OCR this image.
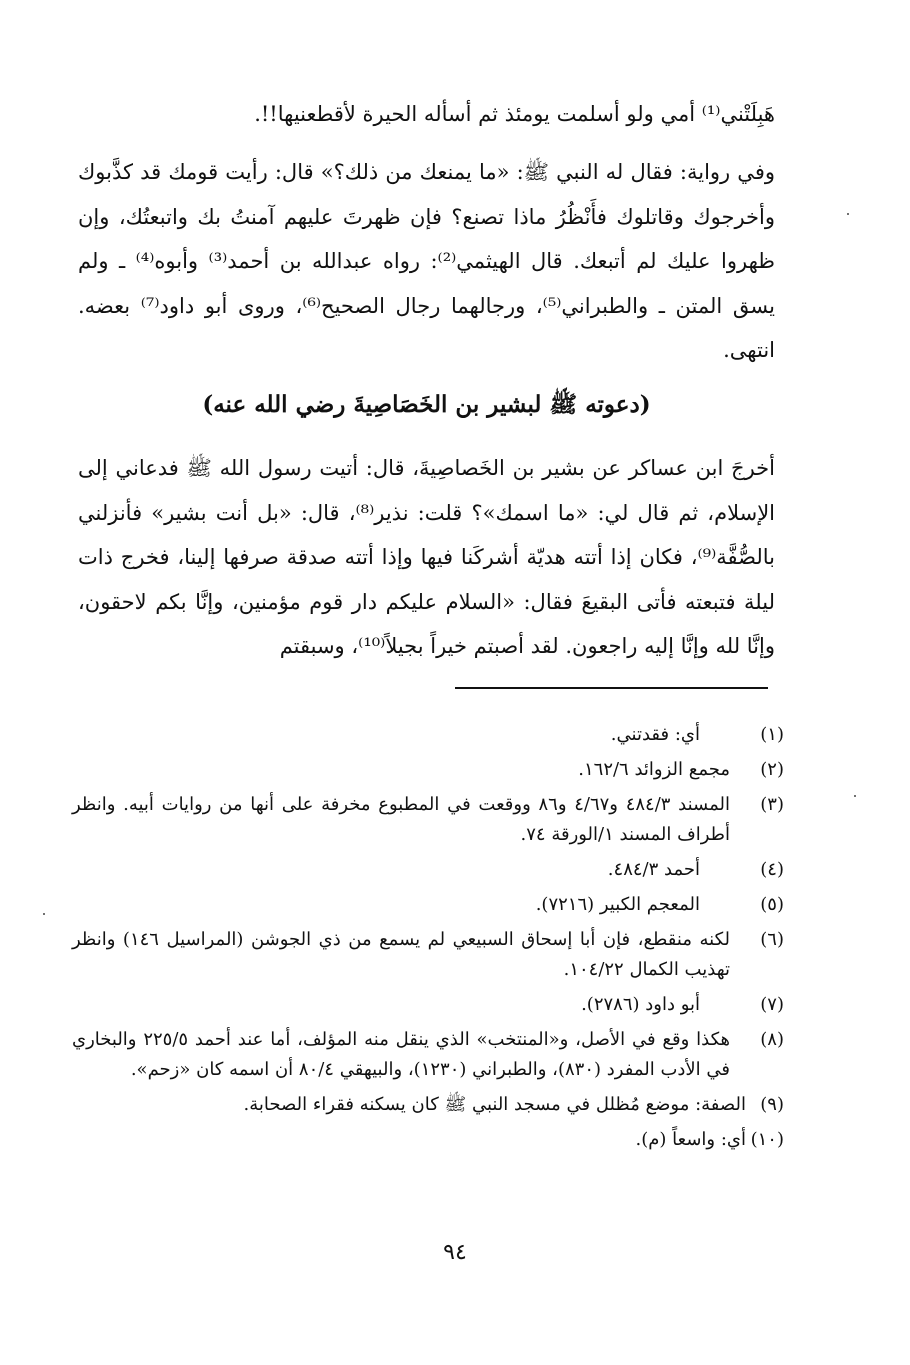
هَبِلَتْني⁽¹⁾ أمي ولو أسلمت يومئذ ثم أسأله الحيرة لأقطعنيها!!.

وفي رواية: فقال له النبي ﷺ: «ما يمنعك من ذلك؟» قال: رأيت قومك قد كذَّبوك وأخرجوك وقاتلوك فأَنْظُرُ ماذا تصنع؟ فإن ظهرتَ عليهم آمنتُ بك واتبعتُك، وإن ظهروا عليك لم أتبعك. قال الهيثمي⁽²⁾: رواه عبدالله بن أحمد⁽³⁾ وأبوه⁽⁴⁾ ـ ولم يسق المتن ـ والطبراني⁽⁵⁾، ورجالهما رجال الصحيح⁽⁶⁾، وروى أبو داود⁽⁷⁾ بعضه. انتهى.

(دعوته ﷺ لبشير بن الخَصَاصِيةَ رضي الله عنه)

أخرجَ ابن عساكر عن بشير بن الخَصاصِيةَ، قال: أتيت رسول الله ﷺ فدعاني إلى الإسلام، ثم قال لي: «ما اسمك»؟ قلت: نذير⁽⁸⁾، قال: «بل أنت بشير» فأنزلني بالصُّفَّة⁽⁹⁾، فكان إذا أتته هديّة أشركَنا فيها وإذا أتته صدقة صرفها إلينا، فخرج ذات ليلة فتبعته فأتى البقيعَ فقال: «السلام عليكم دار قوم مؤمنين، وإنَّا بكم لاحقون، وإنَّا لله وإنَّا إليه راجعون. لقد أصبتم خيراً بجيلاً⁽¹⁰⁾، وسبقتم

(١)
أي: فقدتني.
(٢)
مجمع الزوائد ١٦٢/٦.
(٣)
المسند ٤٨٤/٣ و٤/٦٧ و٨٦ ووقعت في المطبوع مخرفة على أنها من روايات أبيه. وانظر أطراف المسند ١/الورقة ٧٤.
(٤)
أحمد ٤٨٤/٣.
(٥)
المعجم الكبير (٧٢١٦).
(٦)
لكنه منقطع، فإن أبا إسحاق السبيعي لم يسمع من ذي الجوشن (المراسيل ١٤٦) وانظر تهذيب الكمال ١٠٤/٢٢.
(٧)
أبو داود (٢٧٨٦).
(٨)
هكذا وقع في الأصل، و«المنتخب» الذي ينقل منه المؤلف، أما عند أحمد ٢٢٥/٥ والبخاري في الأدب المفرد (٨٣٠)، والطبراني (١٢٣٠)، والبيهقي ٨٠/٤ أن اسمه كان «زحم».
(٩)
الصفة: موضع مُظلل في مسجد النبي ﷺ كان يسكنه فقراء الصحابة.
(١٠)
أي: واسعاً (م).
٩٤
